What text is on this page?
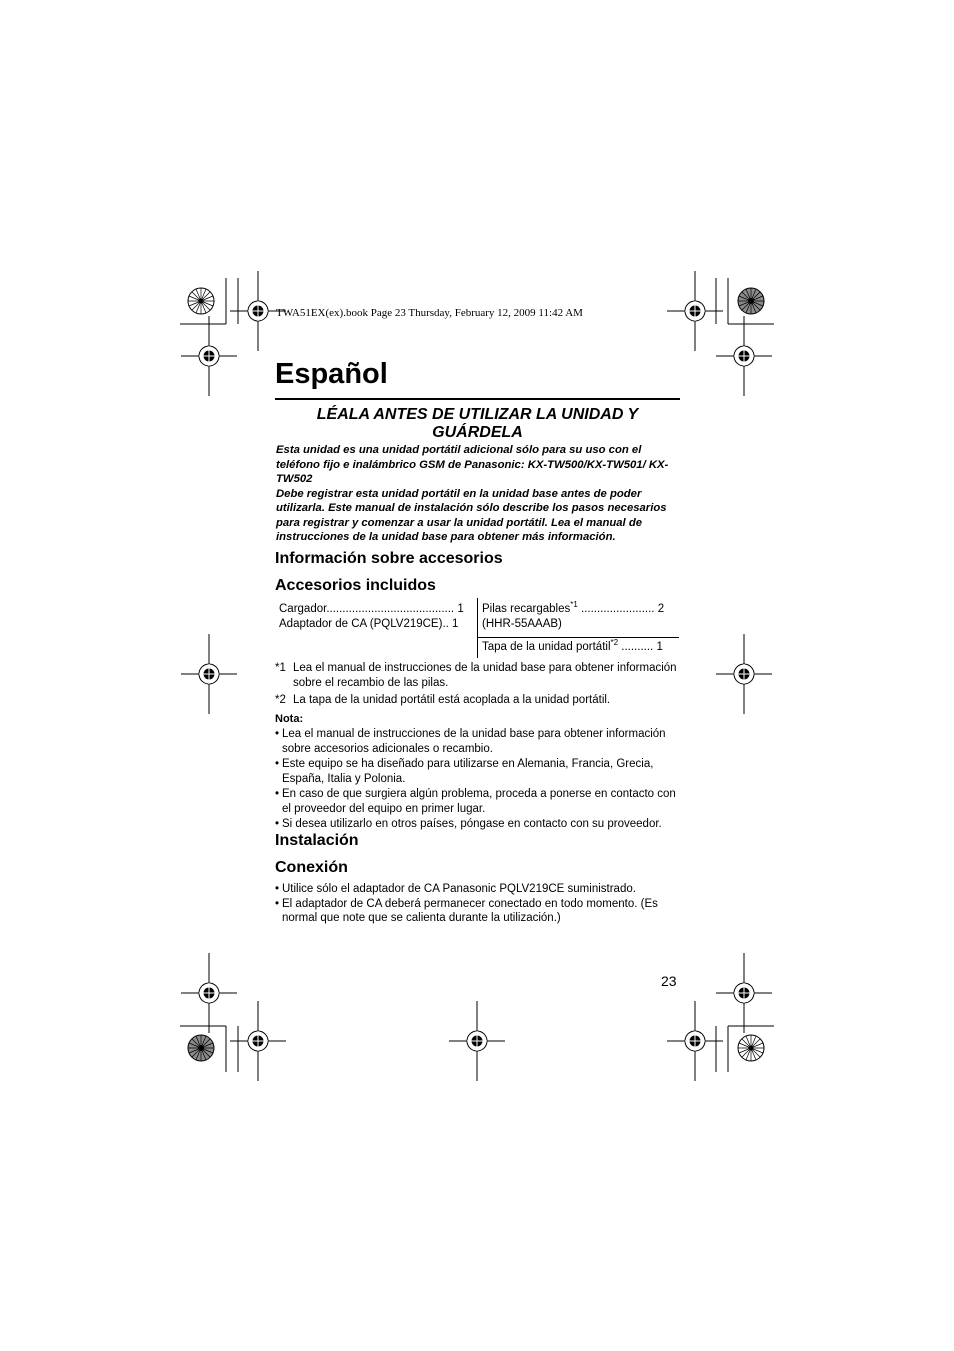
TWA51EX(ex).book Page 23 Thursday, February 12, 2009 11:42 AM
Español
LÉALA ANTES DE UTILIZAR LA UNIDAD Y GUÁRDELA

Esta unidad es una unidad portátil adicional sólo para su uso con el teléfono fijo e inalámbrico GSM de Panasonic: KX-TW500/KX-TW501/ KX-TW502

Debe registrar esta unidad portátil en la unidad base antes de poder utilizarla. Este manual de instalación sólo describe los pasos necesarios para registrar y comenzar a usar la unidad portátil. Lea el manual de instrucciones de la unidad base para obtener más información.

Información sobre accesorios
Accesorios incluidos
Cargador........................................ 1
Adaptador de CA (PQLV219CE).. 1
Pilas recargables$^{*1}$ ....................... 2
(HHR-55AAAB)
Tapa de la unidad portátil$^{*2}$ .......... 1

*1 Lea el manual de instrucciones de la unidad base para obtener información sobre el recambio de las pilas.

*2 La tapa de la unidad portátil está acoplada a la unidad portátil.

Nota:

• Lea el manual de instrucciones de la unidad base para obtener información sobre accesorios adicionales o recambio.
• Este equipo se ha diseñado para utilizarse en Alemania, Francia, Grecia, España, Italia y Polonia.
• En caso de que surgiera algún problema, proceda a ponerse en contacto con el proveedor del equipo en primer lugar.
• Si desea utilizarlo en otros países, póngase en contacto con su proveedor.
Instalación
Conexión
• Utilice sólo el adaptador de CA Panasonic PQLV219CE suministrado.
• El adaptador de CA deberá permanecer conectado en todo momento. (Es normal que note que se calienta durante la utilización.)
23
